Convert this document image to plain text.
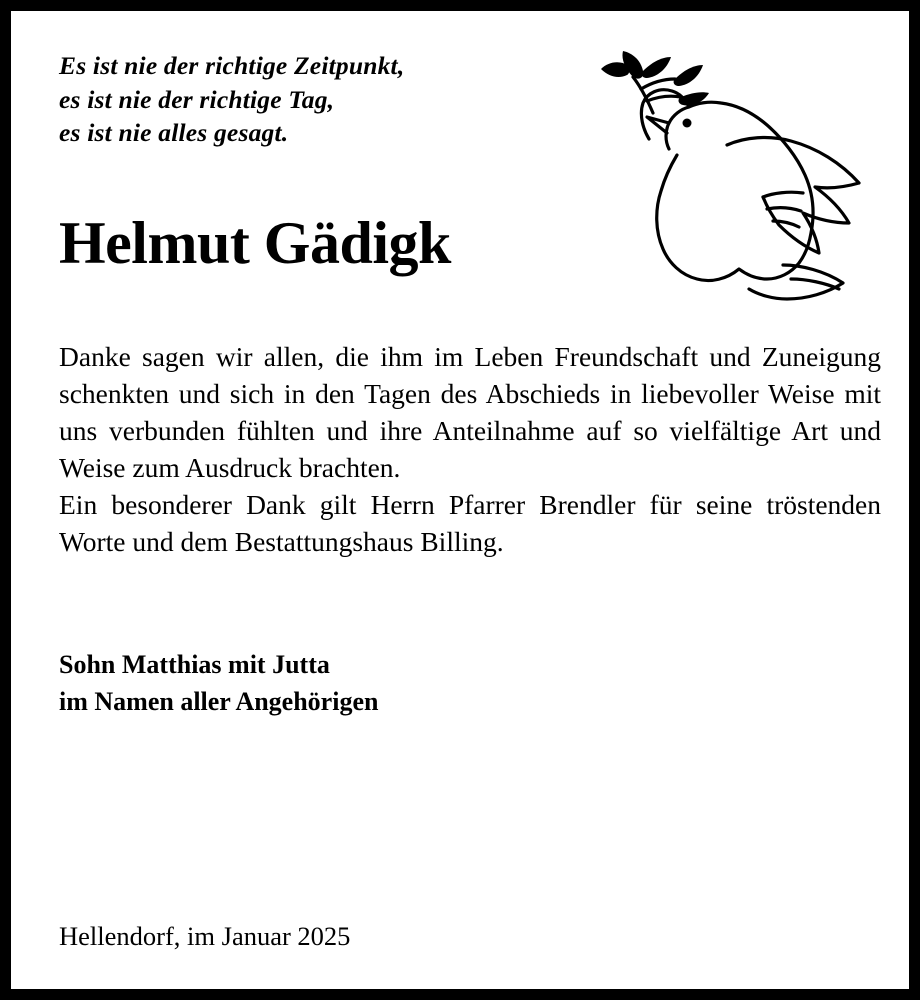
Es ist nie der richtige Zeitpunkt,
es ist nie der richtige Tag,
es ist nie alles gesagt.
Helmut Gädigk

Danke sagen wir allen, die ihm im Leben Freundschaft und Zuneigung schenkten und sich in den Tagen des Abschieds in liebevoller Weise mit uns verbunden fühlten und ihre Anteilnahme auf so vielfältige Art und Weise zum Ausdruck brachten.

Ein besonderer Dank gilt Herrn Pfarrer Brendler für seine tröstenden Worte und dem Bestattungshaus Billing.

Sohn Matthias mit Jutta
im Namen aller Angehörigen
Hellendorf, im Januar 2025
